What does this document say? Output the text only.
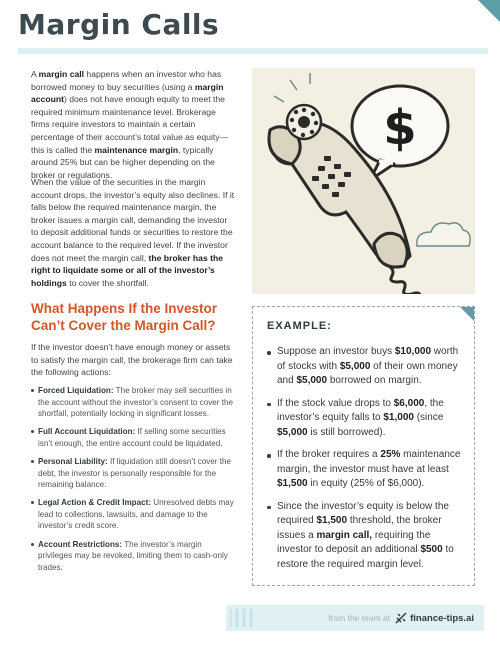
Margin Calls

A margin call happens when an investor who has borrowed money to buy securities (using a margin account) does not have enough equity to meet the required minimum maintenance level. Brokerage firms require investors to maintain a certain percentage of their account’s total value as equity—this is called the maintenance margin, typically around 25% but can be higher depending on the broker or regulations.

When the value of the securities in the margin account drops, the investor’s equity also declines. If it falls below the required maintenance margin, the broker issues a margin call, demanding the investor to deposit additional funds or securities to restore the account balance to the required level. If the investor does not meet the margin call, the broker has the right to liquidate some or all of the investor’s holdings to cover the shortfall.

$
What Happens If the Investor Can’t Cover the Margin Call?

If the investor doesn’t have enough money or assets to satisfy the margin call, the brokerage firm can take the following actions:

Forced Liquidation: The broker may sell securities in the account without the investor’s consent to cover the shortfall, potentially locking in significant losses.
Full Account Liquidation: If selling some securities isn’t enough, the entire account could be liquidated.
Personal Liability: If liquidation still doesn’t cover the debt, the investor is personally responsible for the remaining balance.
Legal Action & Credit Impact: Unresolved debts may lead to collections, lawsuits, and damage to the investor’s credit score.
Account Restrictions: The investor’s margin privileges may be revoked, limiting them to cash-only trades.

EXAMPLE:

Suppose an investor buys $10,000 worth of stocks with $5,000 of their own money and $5,000 borrowed on margin.
If the stock value drops to $6,000, the investor’s equity falls to $1,000 (since $5,000 is still borrowed).
If the broker requires a 25% maintenance margin, the investor must have at least $1,500 in equity (25% of $6,000).
Since the investor’s equity is below the required $1,500 threshold, the broker issues a margin call, requiring the investor to deposit an additional $500 to restore the required margin level.
from the team at finance-tips.ai
